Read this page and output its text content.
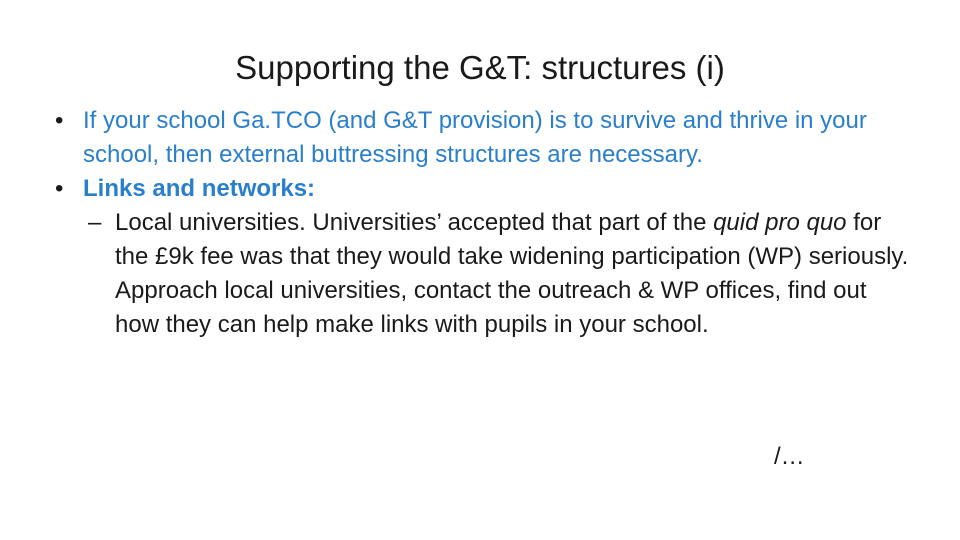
Supporting the G&T: structures (i)
• If your school Ga.TCO (and G&T provision) is to survive and thrive in your school, then external buttressing structures are necessary.
• Links and networks:
– Local universities. Universities’ accepted that part of the quid pro quo for the £9k fee was that they would take widening participation (WP) seriously. Approach local universities, contact the outreach & WP offices, find out how they can help make links with pupils in your school.
/…
